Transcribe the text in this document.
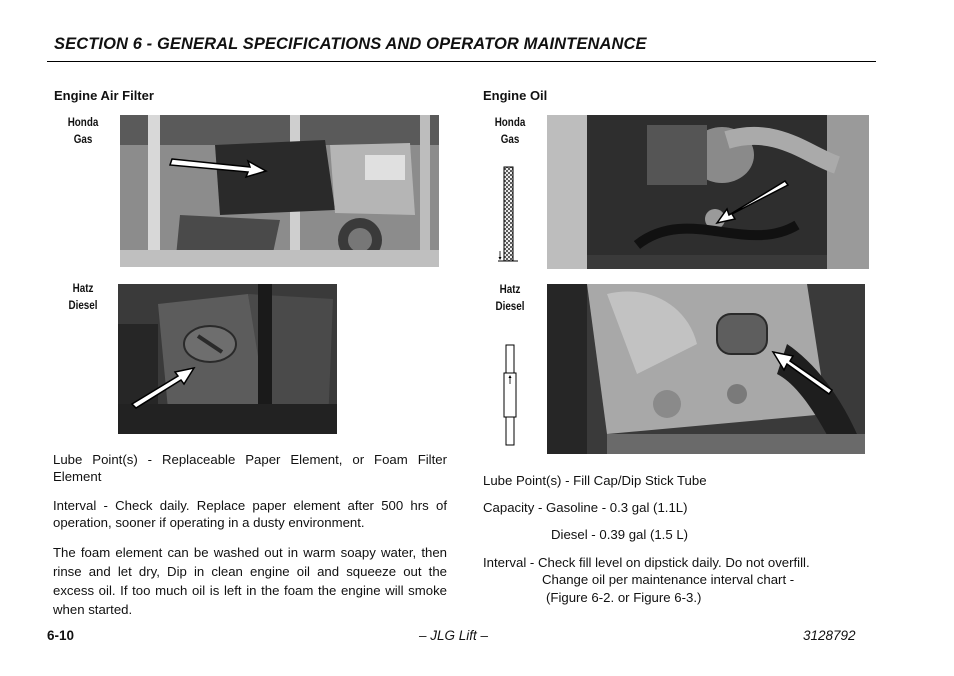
SECTION 6 - GENERAL SPECIFICATIONS AND OPERATOR MAINTENANCE
Engine Air Filter
Honda
Gas
Hatz
Diesel
Lube Point(s) - Replaceable Paper Element, or Foam Filter Element
Interval - Check daily. Replace paper element after 500 hrs of operation, sooner if operating in a dusty environment.
The foam element can be washed out in warm soapy water, then rinse and let dry, Dip in clean engine oil and squeeze out the excess oil. If too much oil is left in the foam the engine will smoke when started.
Engine Oil
Honda
Gas
Hatz
Diesel
Lube Point(s) - Fill Cap/Dip Stick Tube
Capacity - Gasoline - 0.3 gal (1.1L)
Diesel - 0.39 gal (1.5 L)
Interval - Check fill level on dipstick daily. Do not overfill.
Change oil per maintenance interval chart -
(Figure 6-2. or Figure 6-3.)
6-10	– JLG Lift –	3128792
